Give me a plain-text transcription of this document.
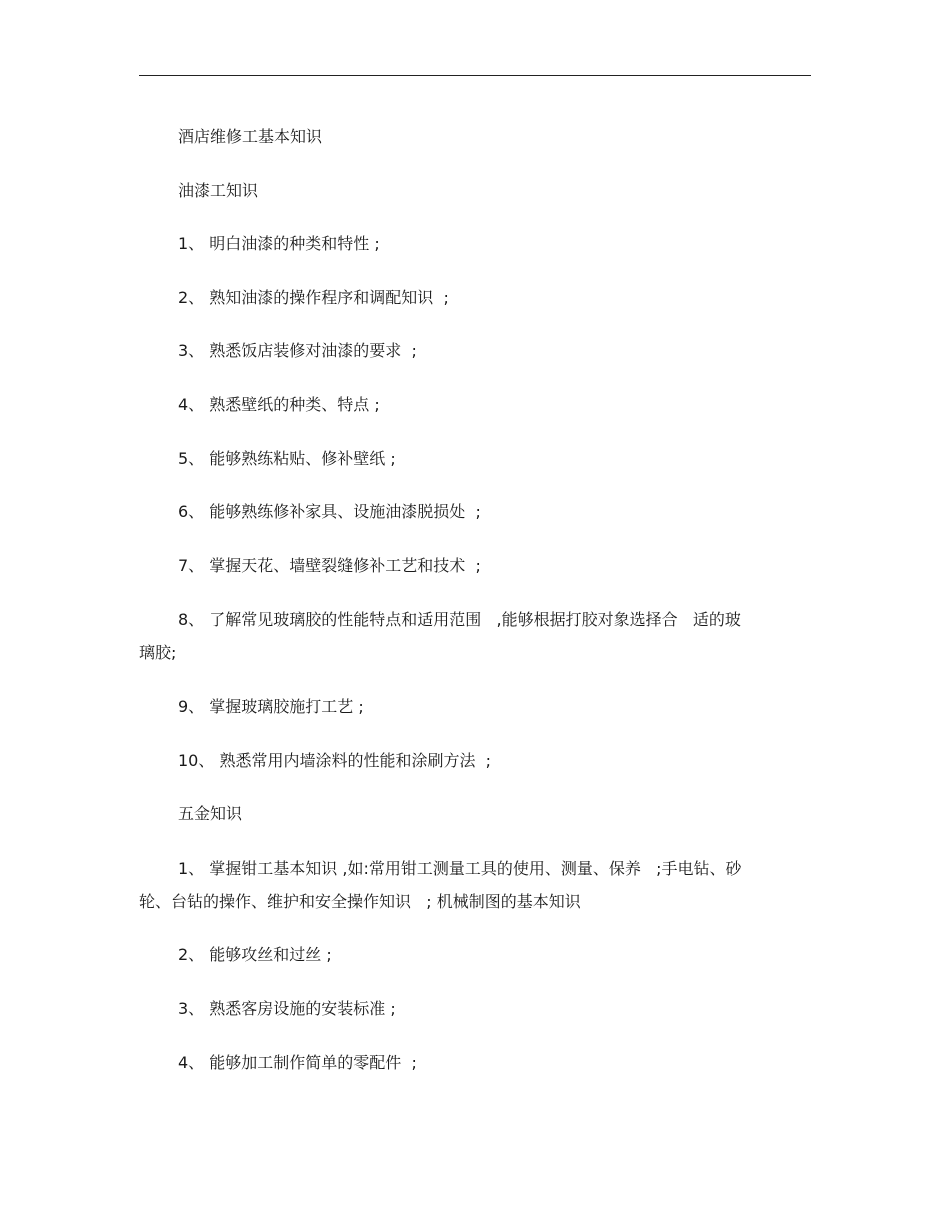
酒店维修工基本知识
油漆工知识
1、 明白油漆的种类和特性 ;
2、 熟知油漆的操作程序和调配知识  ;
3、 熟悉饭店装修对油漆的要求  ;
4、 熟悉壁纸的种类、特点 ;
5、 能够熟练粘贴、修补壁纸 ;
6、 能够熟练修补家具、设施油漆脱损处  ;
7、 掌握天花、墙壁裂缝修补工艺和技术  ;
8、 了解常见玻璃胶的性能特点和适用范围   ,能够根据打胶对象选择合   适的玻
璃胶;
9、 掌握玻璃胶施打工艺 ;
10、 熟悉常用内墙涂料的性能和涂刷方法  ;
五金知识
1、 掌握钳工基本知识 ,如:常用钳工测量工具的使用、测量、保养   ;手电钻、砂
轮、台钻的操作、维护和安全操作知识   ; 机械制图的基本知识
2、 能够攻丝和过丝 ;
3、 熟悉客房设施的安装标准 ;
4、 能够加工制作简单的零配件  ;
